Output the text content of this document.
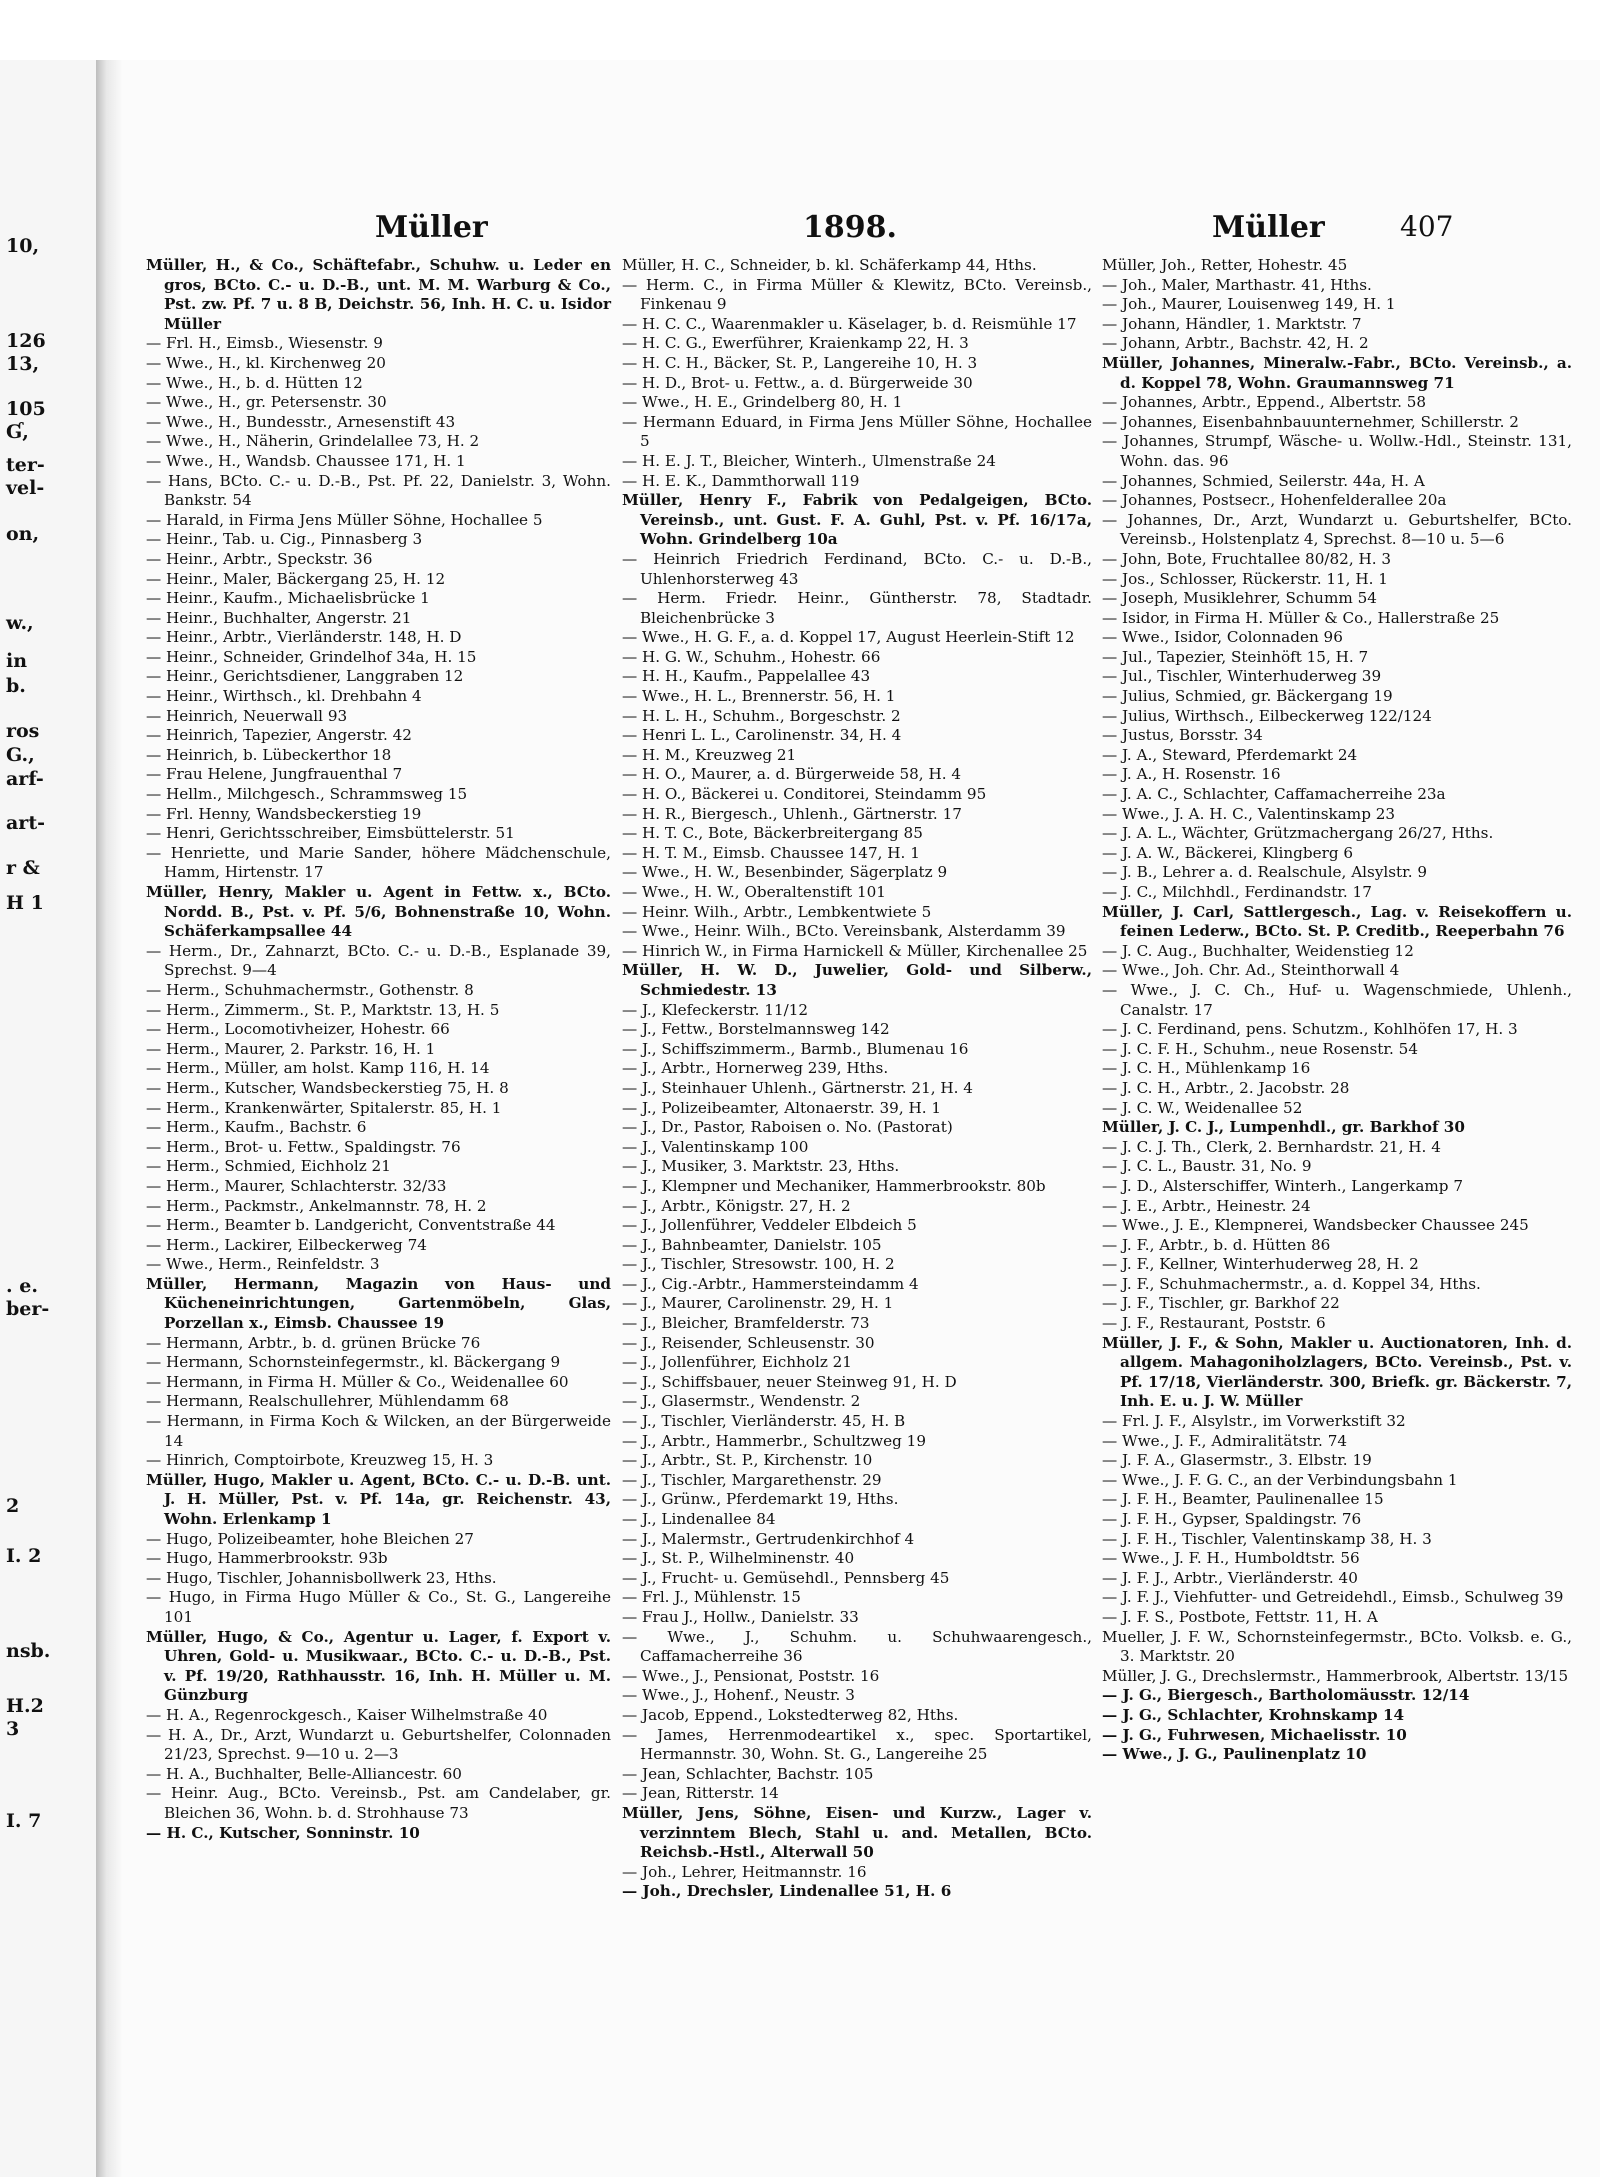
10,
126
13,
105
Ɠ,
ter-
vel-
on,
w.,
in
b.
ros
G.,
arf-
art-
r &
H 1
. e.
ber-
2
I. 2
nsb.
H.2
3
I. 7
Müller	1898.	Müller	407

Müller, H., & Co., Schäftefabr., Schuhw. u. Leder en gros, BCto. C.- u. D.-B., unt. M. M. Warburg & Co., Pst. zw. Pf. 7 u. 8 B, Deichstr. 56, Inh. H. C. u. Isidor Müller

— Frl. H., Eimsb., Wiesenstr. 9

— Wwe., H., kl. Kirchenweg 20

— Wwe., H., b. d. Hütten 12

— Wwe., H., gr. Petersenstr. 30

— Wwe., H., Bundesstr., Arnesenstift 43

— Wwe., H., Näherin, Grindelallee 73, H. 2

— Wwe., H., Wandsb. Chaussee 171, H. 1

— Hans, BCto. C.- u. D.-B., Pst. Pf. 22, Danielstr. 3, Wohn. Bankstr. 54

— Harald, in Firma Jens Müller Söhne, Hochallee 5

— Heinr., Tab. u. Cig., Pinnasberg 3

— Heinr., Arbtr., Speckstr. 36

— Heinr., Maler, Bäckergang 25, H. 12

— Heinr., Kaufm., Michaelisbrücke 1

— Heinr., Buchhalter, Angerstr. 21

— Heinr., Arbtr., Vierländerstr. 148, H. D

— Heinr., Schneider, Grindelhof 34a, H. 15

— Heinr., Gerichtsdiener, Langgraben 12

— Heinr., Wirthsch., kl. Drehbahn 4

— Heinrich, Neuerwall 93

— Heinrich, Tapezier, Angerstr. 42

— Heinrich, b. Lübeckerthor 18

— Frau Helene, Jungfrauenthal 7

— Hellm., Milchgesch., Schrammsweg 15

— Frl. Henny, Wandsbeckerstieg 19

— Henri, Gerichtsschreiber, Eimsbüttelerstr. 51

— Henriette, und Marie Sander, höhere Mädchenschule, Hamm, Hirtenstr. 17

Müller, Henry, Makler u. Agent in Fettw. x., BCto. Nordd. B., Pst. v. Pf. 5/6, Bohnenstraße 10, Wohn. Schäferkampsallee 44

— Herm., Dr., Zahnarzt, BCto. C.- u. D.-B., Esplanade 39, Sprechst. 9—4

— Herm., Schuhmachermstr., Gothenstr. 8

— Herm., Zimmerm., St. P., Marktstr. 13, H. 5

— Herm., Locomotivheizer, Hohestr. 66

— Herm., Maurer, 2. Parkstr. 16, H. 1

— Herm., Müller, am holst. Kamp 116, H. 14

— Herm., Kutscher, Wandsbeckerstieg 75, H. 8

— Herm., Krankenwärter, Spitalerstr. 85, H. 1

— Herm., Kaufm., Bachstr. 6

— Herm., Brot- u. Fettw., Spaldingstr. 76

— Herm., Schmied, Eichholz 21

— Herm., Maurer, Schlachterstr. 32/33

— Herm., Packmstr., Ankelmannstr. 78, H. 2

— Herm., Beamter b. Landgericht, Conventstraße 44

— Herm., Lackirer, Eilbeckerweg 74

— Wwe., Herm., Reinfeldstr. 3

Müller, Hermann, Magazin von Haus- und Kücheneinrichtungen, Gartenmöbeln, Glas, Porzellan x., Eimsb. Chaussee 19

— Hermann, Arbtr., b. d. grünen Brücke 76

— Hermann, Schornsteinfegermstr., kl. Bäckergang 9

— Hermann, in Firma H. Müller & Co., Weidenallee 60

— Hermann, Realschullehrer, Mühlendamm 68

— Hermann, in Firma Koch & Wilcken, an der Bürgerweide 14

— Hinrich, Comptoirbote, Kreuzweg 15, H. 3

Müller, Hugo, Makler u. Agent, BCto. C.- u. D.-B. unt. J. H. Müller, Pst. v. Pf. 14a, gr. Reichenstr. 43, Wohn. Erlenkamp 1

— Hugo, Polizeibeamter, hohe Bleichen 27

— Hugo, Hammerbrookstr. 93b

— Hugo, Tischler, Johannisbollwerk 23, Hths.

— Hugo, in Firma Hugo Müller & Co., St. G., Langereihe 101

Müller, Hugo, & Co., Agentur u. Lager, f. Export v. Uhren, Gold- u. Musikwaar., BCto. C.- u. D.-B., Pst. v. Pf. 19/20, Rathhausstr. 16, Inh. H. Müller u. M. Günzburg

— H. A., Regenrockgesch., Kaiser Wilhelmstraße 40

— H. A., Dr., Arzt, Wundarzt u. Geburtshelfer, Colonnaden 21/23, Sprechst. 9—10 u. 2—3

— H. A., Buchhalter, Belle-Alliancestr. 60

— Heinr. Aug., BCto. Vereinsb., Pst. am Candelaber, gr. Bleichen 36, Wohn. b. d. Strohhause 73

— H. C., Kutscher, Sonninstr. 10

Müller, H. C., Schneider, b. kl. Schäferkamp 44, Hths.

— Herm. C., in Firma Müller & Klewitz, BCto. Vereinsb., Finkenau 9

— H. C. C., Waarenmakler u. Käselager, b. d. Reismühle 17

— H. C. G., Ewerführer, Kraienkamp 22, H. 3

— H. C. H., Bäcker, St. P., Langereihe 10, H. 3

— H. D., Brot- u. Fettw., a. d. Bürgerweide 30

— Wwe., H. E., Grindelberg 80, H. 1

— Hermann Eduard, in Firma Jens Müller Söhne, Hochallee 5

— H. E. J. T., Bleicher, Winterh., Ulmenstraße 24

— H. E. K., Dammthorwall 119

Müller, Henry F., Fabrik von Pedalgeigen, BCto. Vereinsb., unt. Gust. F. A. Guhl, Pst. v. Pf. 16/17a, Wohn. Grindelberg 10a

— Heinrich Friedrich Ferdinand, BCto. C.- u. D.-B., Uhlenhorsterweg 43

— Herm. Friedr. Heinr., Güntherstr. 78, Stadtadr. Bleichenbrücke 3

— Wwe., H. G. F., a. d. Koppel 17, August Heerlein-Stift 12

— H. G. W., Schuhm., Hohestr. 66

— H. H., Kaufm., Pappelallee 43

— Wwe., H. L., Brennerstr. 56, H. 1

— H. L. H., Schuhm., Borgeschstr. 2

— Henri L. L., Carolinenstr. 34, H. 4

— H. M., Kreuzweg 21

— H. O., Maurer, a. d. Bürgerweide 58, H. 4

— H. O., Bäckerei u. Conditorei, Steindamm 95

— H. R., Biergesch., Uhlenh., Gärtnerstr. 17

— H. T. C., Bote, Bäckerbreitergang 85

— H. T. M., Eimsb. Chaussee 147, H. 1

— Wwe., H. W., Besenbinder, Sägerplatz 9

— Wwe., H. W., Oberaltenstift 101

— Heinr. Wilh., Arbtr., Lembkentwiete 5

— Wwe., Heinr. Wilh., BCto. Vereinsbank, Alsterdamm 39

— Hinrich W., in Firma Harnickell & Müller, Kirchenallee 25

Müller, H. W. D., Juwelier, Gold- und Silberw., Schmiedestr. 13

— J., Klefeckerstr. 11/12

— J., Fettw., Borstelmannsweg 142

— J., Schiffszimmerm., Barmb., Blumenau 16

— J., Arbtr., Hornerweg 239, Hths.

— J., Steinhauer Uhlenh., Gärtnerstr. 21, H. 4

— J., Polizeibeamter, Altonaerstr. 39, H. 1

— J., Dr., Pastor, Raboisen o. No. (Pastorat)

— J., Valentinskamp 100

— J., Musiker, 3. Marktstr. 23, Hths.

— J., Klempner und Mechaniker, Hammerbrookstr. 80b

— J., Arbtr., Königstr. 27, H. 2

— J., Jollenführer, Veddeler Elbdeich 5

— J., Bahnbeamter, Danielstr. 105

— J., Tischler, Stresowstr. 100, H. 2

— J., Cig.-Arbtr., Hammersteindamm 4

— J., Maurer, Carolinenstr. 29, H. 1

— J., Bleicher, Bramfelderstr. 73

— J., Reisender, Schleusenstr. 30

— J., Jollenführer, Eichholz 21

— J., Schiffsbauer, neuer Steinweg 91, H. D

— J., Glasermstr., Wendenstr. 2

— J., Tischler, Vierländerstr. 45, H. B

— J., Arbtr., Hammerbr., Schultzweg 19

— J., Arbtr., St. P., Kirchenstr. 10

— J., Tischler, Margarethenstr. 29

— J., Grünw., Pferdemarkt 19, Hths.

— J., Lindenallee 84

— J., Malermstr., Gertrudenkirchhof 4

— J., St. P., Wilhelminenstr. 40

— J., Frucht- u. Gemüsehdl., Pennsberg 45

— Frl. J., Mühlenstr. 15

— Frau J., Hollw., Danielstr. 33

— Wwe., J., Schuhm. u. Schuhwaarengesch., Caffamacherreihe 36

— Wwe., J., Pensionat, Poststr. 16

— Wwe., J., Hohenf., Neustr. 3

— Jacob, Eppend., Lokstedterweg 82, Hths.

— James, Herrenmodeartikel x., spec. Sportartikel, Hermannstr. 30, Wohn. St. G., Langereihe 25

— Jean, Schlachter, Bachstr. 105

— Jean, Ritterstr. 14

Müller, Jens, Söhne, Eisen- und Kurzw., Lager v. verzinntem Blech, Stahl u. and. Metallen, BCto. Reichsb.-Hstl., Alterwall 50

— Joh., Lehrer, Heitmannstr. 16

— Joh., Drechsler, Lindenallee 51, H. 6

Müller, Joh., Retter, Hohestr. 45

— Joh., Maler, Marthastr. 41, Hths.

— Joh., Maurer, Louisenweg 149, H. 1

— Johann, Händler, 1. Marktstr. 7

— Johann, Arbtr., Bachstr. 42, H. 2

Müller, Johannes, Mineralw.-Fabr., BCto. Vereinsb., a. d. Koppel 78, Wohn. Graumannsweg 71

— Johannes, Arbtr., Eppend., Albertstr. 58

— Johannes, Eisenbahnbauunternehmer, Schillerstr. 2

— Johannes, Strumpf, Wäsche- u. Wollw.-Hdl., Steinstr. 131, Wohn. das. 96

— Johannes, Schmied, Seilerstr. 44a, H. A

— Johannes, Postsecr., Hohenfelderallee 20a

— Johannes, Dr., Arzt, Wundarzt u. Geburtshelfer, BCto. Vereinsb., Holstenplatz 4, Sprechst. 8—10 u. 5—6

— John, Bote, Fruchtallee 80/82, H. 3

— Jos., Schlosser, Rückerstr. 11, H. 1

— Joseph, Musiklehrer, Schumm 54

— Isidor, in Firma H. Müller & Co., Hallerstraße 25

— Wwe., Isidor, Colonnaden 96

— Jul., Tapezier, Steinhöft 15, H. 7

— Jul., Tischler, Winterhuderweg 39

— Julius, Schmied, gr. Bäckergang 19

— Julius, Wirthsch., Eilbeckerweg 122/124

— Justus, Borsstr. 34

— J. A., Steward, Pferdemarkt 24

— J. A., H. Rosenstr. 16

— J. A. C., Schlachter, Caffamacherreihe 23a

— Wwe., J. A. H. C., Valentinskamp 23

— J. A. L., Wächter, Grützmachergang 26/27, Hths.

— J. A. W., Bäckerei, Klingberg 6

— J. B., Lehrer a. d. Realschule, Alsylstr. 9

— J. C., Milchhdl., Ferdinandstr. 17

Müller, J. Carl, Sattlergesch., Lag. v. Reisekoffern u. feinen Lederw., BCto. St. P. Creditb., Reeperbahn 76

— J. C. Aug., Buchhalter, Weidenstieg 12

— Wwe., Joh. Chr. Ad., Steinthorwall 4

— Wwe., J. C. Ch., Huf- u. Wagenschmiede, Uhlenh., Canalstr. 17

— J. C. Ferdinand, pens. Schutzm., Kohlhöfen 17, H. 3

— J. C. F. H., Schuhm., neue Rosenstr. 54

— J. C. H., Mühlenkamp 16

— J. C. H., Arbtr., 2. Jacobstr. 28

— J. C. W., Weidenallee 52

Müller, J. C. J., Lumpenhdl., gr. Barkhof 30

— J. C. J. Th., Clerk, 2. Bernhardstr. 21, H. 4

— J. C. L., Baustr. 31, No. 9

— J. D., Alsterschiffer, Winterh., Langerkamp 7

— J. E., Arbtr., Heinestr. 24

— Wwe., J. E., Klempnerei, Wandsbecker Chaussee 245

— J. F., Arbtr., b. d. Hütten 86

— J. F., Kellner, Winterhuderweg 28, H. 2

— J. F., Schuhmachermstr., a. d. Koppel 34, Hths.

— J. F., Tischler, gr. Barkhof 22

— J. F., Restaurant, Poststr. 6

Müller, J. F., & Sohn, Makler u. Auctionatoren, Inh. d. allgem. Mahagoniholzlagers, BCto. Vereinsb., Pst. v. Pf. 17/18, Vierländerstr. 300, Briefk. gr. Bäckerstr. 7, Inh. E. u. J. W. Müller

— Frl. J. F., Alsylstr., im Vorwerkstift 32

— Wwe., J. F., Admiralitätstr. 74

— J. F. A., Glasermstr., 3. Elbstr. 19

— Wwe., J. F. G. C., an der Verbindungsbahn 1

— J. F. H., Beamter, Paulinenallee 15

— J. F. H., Gypser, Spaldingstr. 76

— J. F. H., Tischler, Valentinskamp 38, H. 3

— Wwe., J. F. H., Humboldtstr. 56

— J. F. J., Arbtr., Vierländerstr. 40

— J. F. J., Viehfutter- und Getreidehdl., Eimsb., Schulweg 39

— J. F. S., Postbote, Fettstr. 11, H. A

Mueller, J. F. W., Schornsteinfegermstr., BCto. Volksb. e. G., 3. Marktstr. 20

Müller, J. G., Drechslermstr., Hammerbrook, Albertstr. 13/15

— J. G., Biergesch., Bartholomäusstr. 12/14

— J. G., Schlachter, Krohnskamp 14

— J. G., Fuhrwesen, Michaelisstr. 10

— Wwe., J. G., Paulinenplatz 10
